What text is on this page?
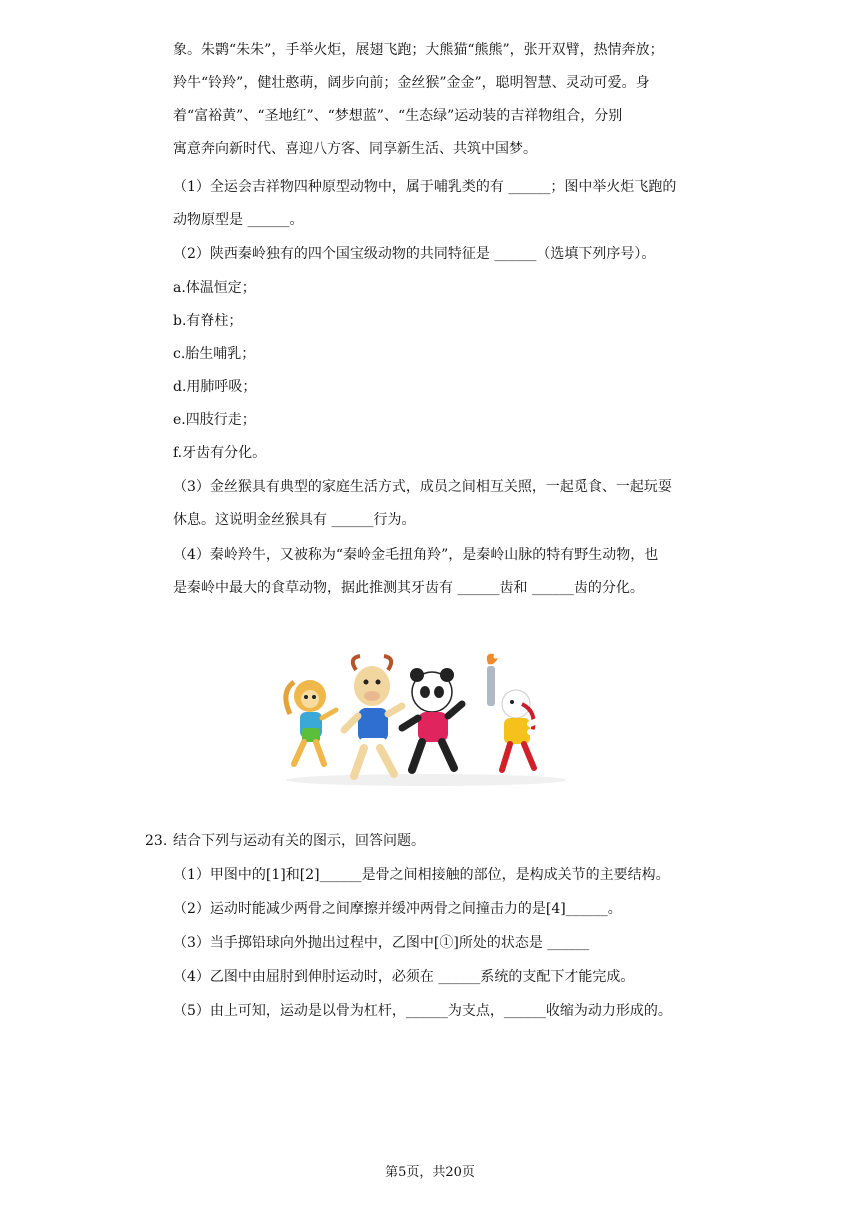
象。朱鹮“朱朱”，手举火炬，展翅飞跑；大熊猫“熊熊”，张开双臂，热情奔放；
羚牛“铃羚”，健壮憨萌，阔步向前；金丝猴”金金”，聪明智慧、灵动可爱。身
着“富裕黄”、“圣地红”、“梦想蓝”、“生态绿”运动装的吉祥物组合，分别
寓意奔向新时代、喜迎八方客、同享新生活、共筑中国梦。
（1）全运会吉祥物四种原型动物中，属于哺乳类的有 ______；图中举火炬飞跑的
动物原型是 ______。
（2）陕西秦岭独有的四个国宝级动物的共同特征是 ______（选填下列序号）。
a.体温恒定；
b.有脊柱；
c.胎生哺乳；
d.用肺呼吸；
e.四肢行走；
f.牙齿有分化。
（3）金丝猴具有典型的家庭生活方式，成员之间相互关照，一起觅食、一起玩耍
休息。这说明金丝猴具有 ______行为。
（4）秦岭羚牛，又被称为“秦岭金毛扭角羚”，是秦岭山脉的特有野生动物，也
是秦岭中最大的食草动物，据此推测其牙齿有 ______齿和 ______齿的分化。
23. 结合下列与运动有关的图示，回答问题。
（1）甲图中的[1]和[2]______是骨之间相接触的部位，是构成关节的主要结构。
（2）运动时能减少两骨之间摩擦并缓冲两骨之间撞击力的是[4]______。
（3）当手掷铅球向外抛出过程中，乙图中[①]所处的状态是 ______
（4）乙图中由屈肘到伸肘运动时，必须在 ______系统的支配下才能完成。
（5）由上可知，运动是以骨为杠杆，______为支点，______收缩为动力形成的。
第5页，共20页
